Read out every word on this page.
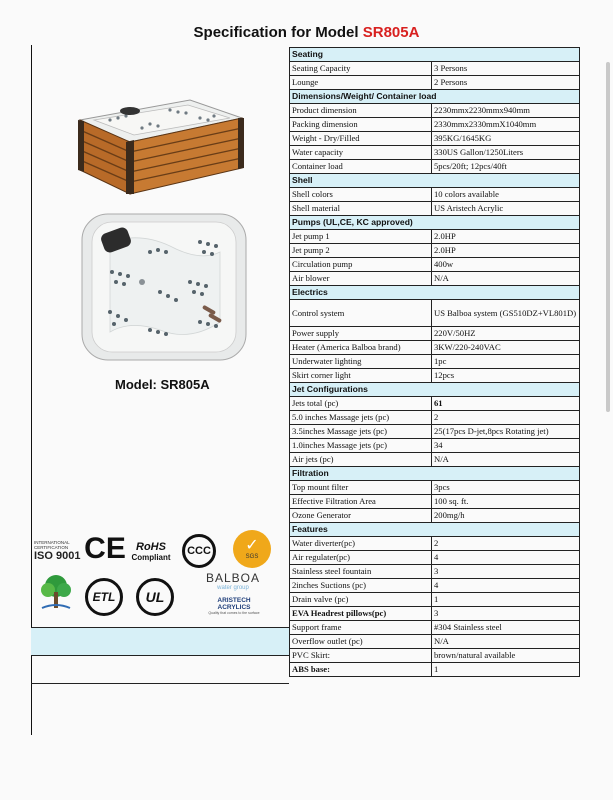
Specification for Model SR805A
Model: SR805A
INTERNATIONAL CERTIFICATION
ISO 9001 CE RoHS
Compliant CCC ✓
SGS
BALBOA
water group
ETL UL	ARISTECH ACRYLICS
Quality that comes to the surface
Seating	
Seating Capacity	3 Persons
Lounge	2 Persons
Dimensions/Weight/ Container load	
Product dimension	2230mmx2230mmx940mm
Packing dimension	2330mmx2330mmX1040mm
Weight - Dry/Filled	395KG/1645KG
Water capacity	330US Gallon/1250Liters
Container load	5pcs/20ft; 12pcs/40ft
Shell	
Shell colors	10 colors available
Shell material	US Aristech Acrylic
Pumps (UL,CE, KC approved)	
Jet pump 1	2.0HP
Jet pump 2	2.0HP
Circulation pump	400w
Air blower	N/A
Electrics	
Control system	US Balboa system (GS510DZ+VL801D)
Power supply	220V/50HZ
Heater (America Balboa brand)	3KW/220-240VAC
Underwater lighting	1pc
Skirt corner light	12pcs
Jet Configurations	
Jets total (pc)	61
5.0 inches Massage jets (pc)	2
3.5inches Massage jets (pc)	25(17pcs D-jet,8pcs Rotating jet)
1.0inches Massage jets (pc)	34
Air jets (pc)	N/A
Filtration	
Top mount filter	3pcs
Effective Filtration Area	100 sq. ft.
Ozone Generator	200mg/h
Features	
Water diverter(pc)	2
Air regulater(pc)	4
Stainless steel fountain	3
2inches Suctions (pc)	4
Drain valve (pc)	1
EVA Headrest pillows(pc)	3
Support frame	#304 Stainless steel
Overflow outlet (pc)	N/A
PVC Skirt:	brown/natural available
ABS base:	1
